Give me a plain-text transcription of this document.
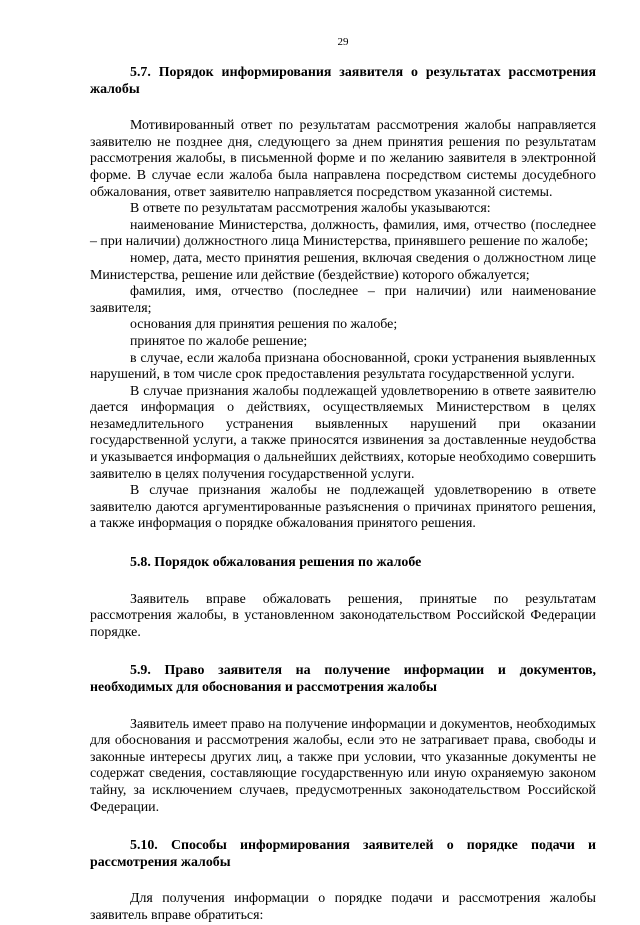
29

5.7. Порядок информирования заявителя о результатах рассмотрения жалобы

Мотивированный ответ по результатам рассмотрения жалобы направляется заявителю не позднее дня, следующего за днем принятия решения по результатам рассмотрения жалобы, в письменной форме и по желанию заявителя в электронной форме. В случае если жалоба была направлена посредством системы досудебного обжалования, ответ заявителю направляется посредством указанной системы.

В ответе по результатам рассмотрения жалобы указываются:

наименование Министерства, должность, фамилия, имя, отчество (последнее – при наличии) должностного лица Министерства, принявшего решение по жалобе;

номер, дата, место принятия решения, включая сведения о должностном лице Министерства, решение или действие (бездействие) которого обжалуется;

фамилия, имя, отчество (последнее – при наличии) или наименование заявителя;

основания для принятия решения по жалобе;

принятое по жалобе решение;

в случае, если жалоба признана обоснованной, сроки устранения выявленных нарушений, в том числе срок предоставления результата государственной услуги.

В случае признания жалобы подлежащей удовлетворению в ответе заявителю дается информация о действиях, осуществляемых Министерством в целях незамедлительного устранения выявленных нарушений при оказании государственной услуги, а также приносятся извинения за доставленные неудобства и указывается информация о дальнейших действиях, которые необходимо совершить заявителю в целях получения государственной услуги.

В случае признания жалобы не подлежащей удовлетворению в ответе заявителю даются аргументированные разъяснения о причинах принятого решения, а также информация о порядке обжалования принятого решения.

5.8. Порядок обжалования решения по жалобе

Заявитель вправе обжаловать решения, принятые по результатам рассмотрения жалобы, в установленном законодательством Российской Федерации порядке.

5.9. Право заявителя на получение информации и документов, необходимых для обоснования и рассмотрения жалобы

Заявитель имеет право на получение информации и документов, необходимых для обоснования и рассмотрения жалобы, если это не затрагивает права, свободы и законные интересы других лиц, а также при условии, что указанные документы не содержат сведения, составляющие государственную или иную охраняемую законом тайну, за исключением случаев, предусмотренных законодательством Российской Федерации.

5.10. Способы информирования заявителей о порядке подачи и рассмотрения жалобы

Для получения информации о порядке подачи и рассмотрения жалобы заявитель вправе обратиться:
